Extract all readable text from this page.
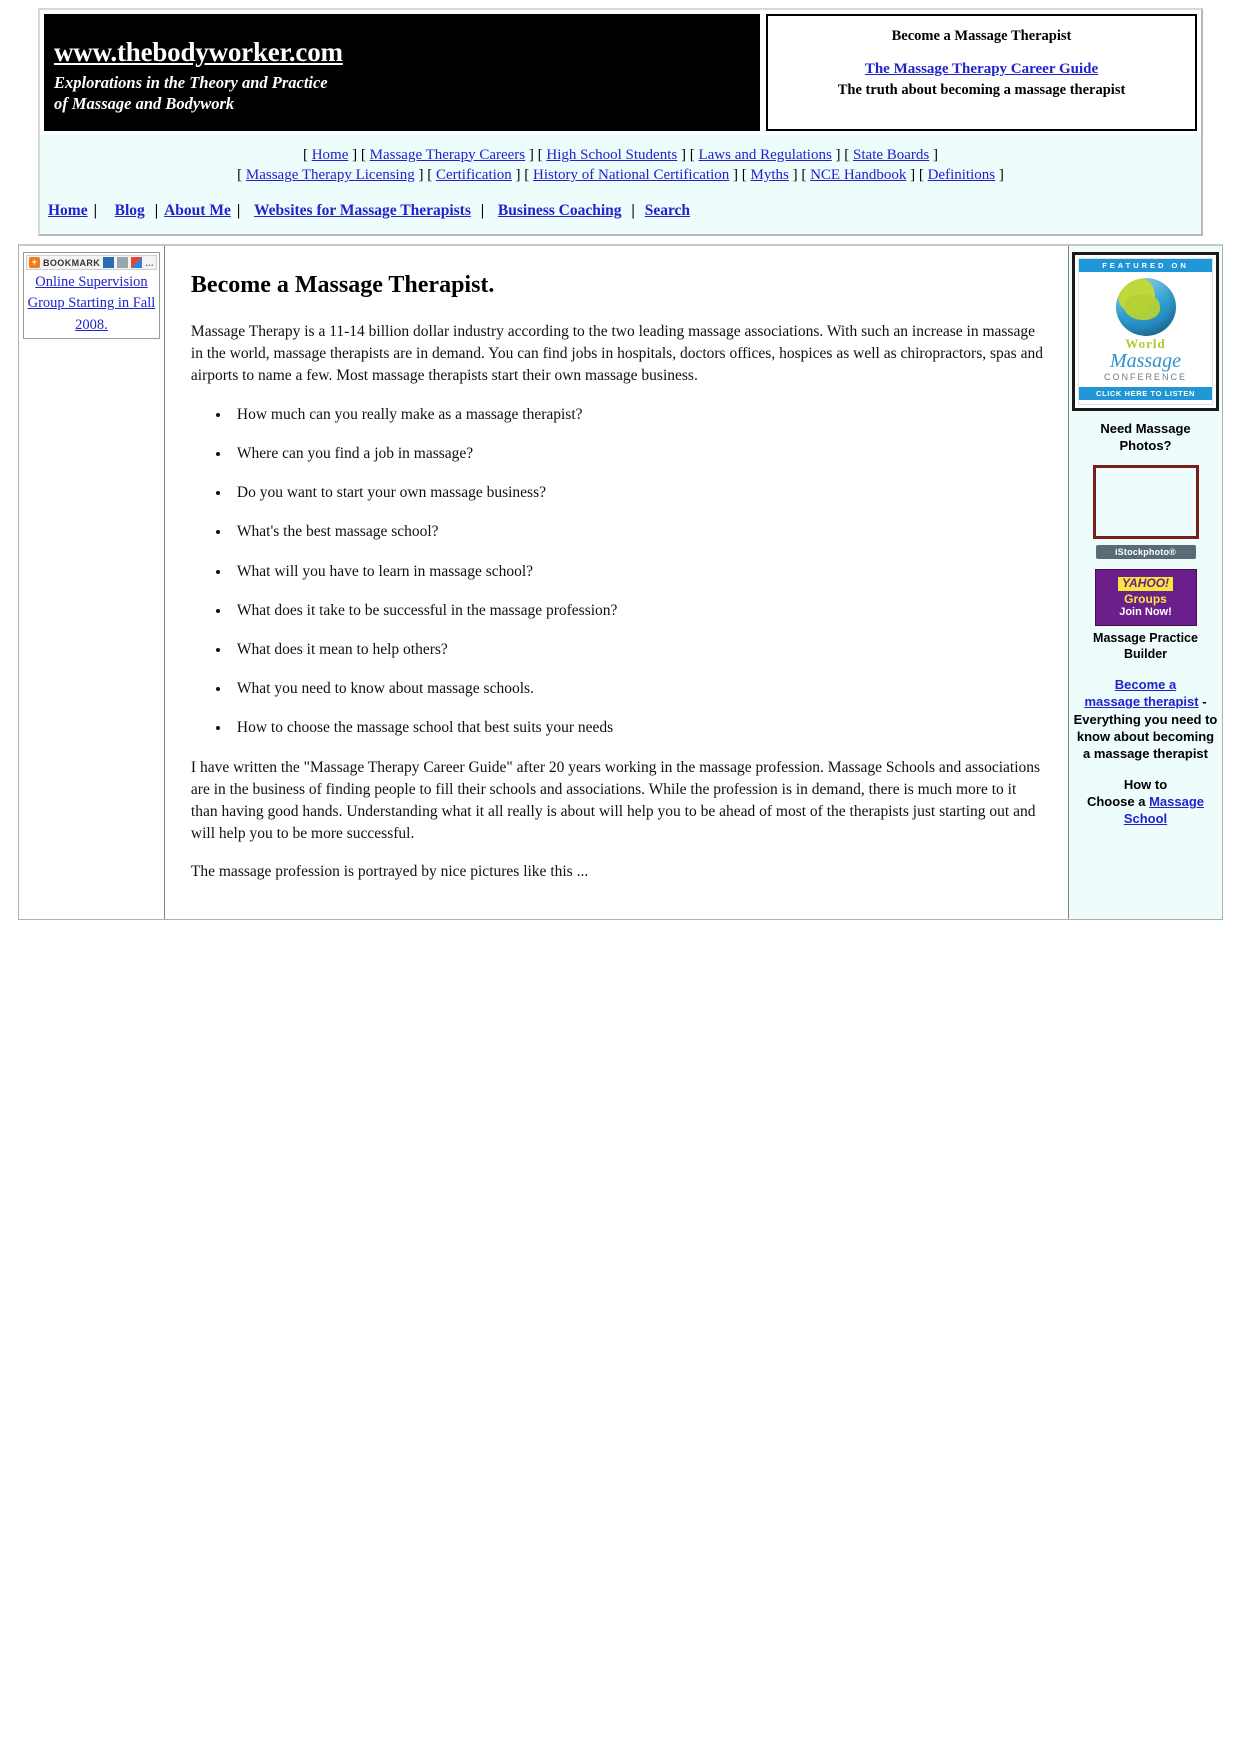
www.thebodyworker.com
Explorations in the Theory and Practice
of Massage and Bodywork
Become a Massage Therapist
The Massage Therapy Career Guide
The truth about becoming a massage therapist
[ Home ] [ Massage Therapy Careers ] [ High School Students ] [ Laws and Regulations ] [ State Boards ]
[ Massage Therapy Licensing ] [ Certification ] [ History of National Certification ] [ Myths ] [ NCE Handbook ] [ Definitions ]
Home | Blog | About Me | Websites for Massage Therapists | Business Coaching | Search
+ BOOKMARK	...
Online Supervision
Group Starting in Fall
2008.
Become a Massage Therapist.

Massage Therapy is a 11-14 billion dollar industry according to the two leading massage associations. With such an increase in massage in the world, massage therapists are in demand. You can find jobs in hospitals, doctors offices, hospices as well as chiropractors, spas and airports to name a few. Most massage therapists start their own massage business.

• How much can you really make as a massage therapist?
• Where can you find a job in massage?
• Do you want to start your own massage business?
• What's the best massage school?
• What will you have to learn in massage school?
• What does it take to be successful in the massage profession?
• What does it mean to help others?
• What you need to know about massage schools.
• How to choose the massage school that best suits your needs

I have written the "Massage Therapy Career Guide" after 20 years working in the massage profession. Massage Schools and associations are in the business of finding people to fill their schools and associations. While the profession is in demand, there is much more to it than having good hands. Understanding what it all really is about will help you to be ahead of most of the therapists just starting out and will help you to be more successful.

The massage profession is portrayed by nice pictures like this ...

FEATURED ON
World
Massage
CONFERENCE
CLICK HERE TO LISTEN
Need Massage
Photos?
iStockphoto®
YAHOO!
Groups
Join Now!
Massage Practice
Builder
Become a
massage therapist - Everything you need to know about becoming a massage therapist
How to
Choose a Massage
School
